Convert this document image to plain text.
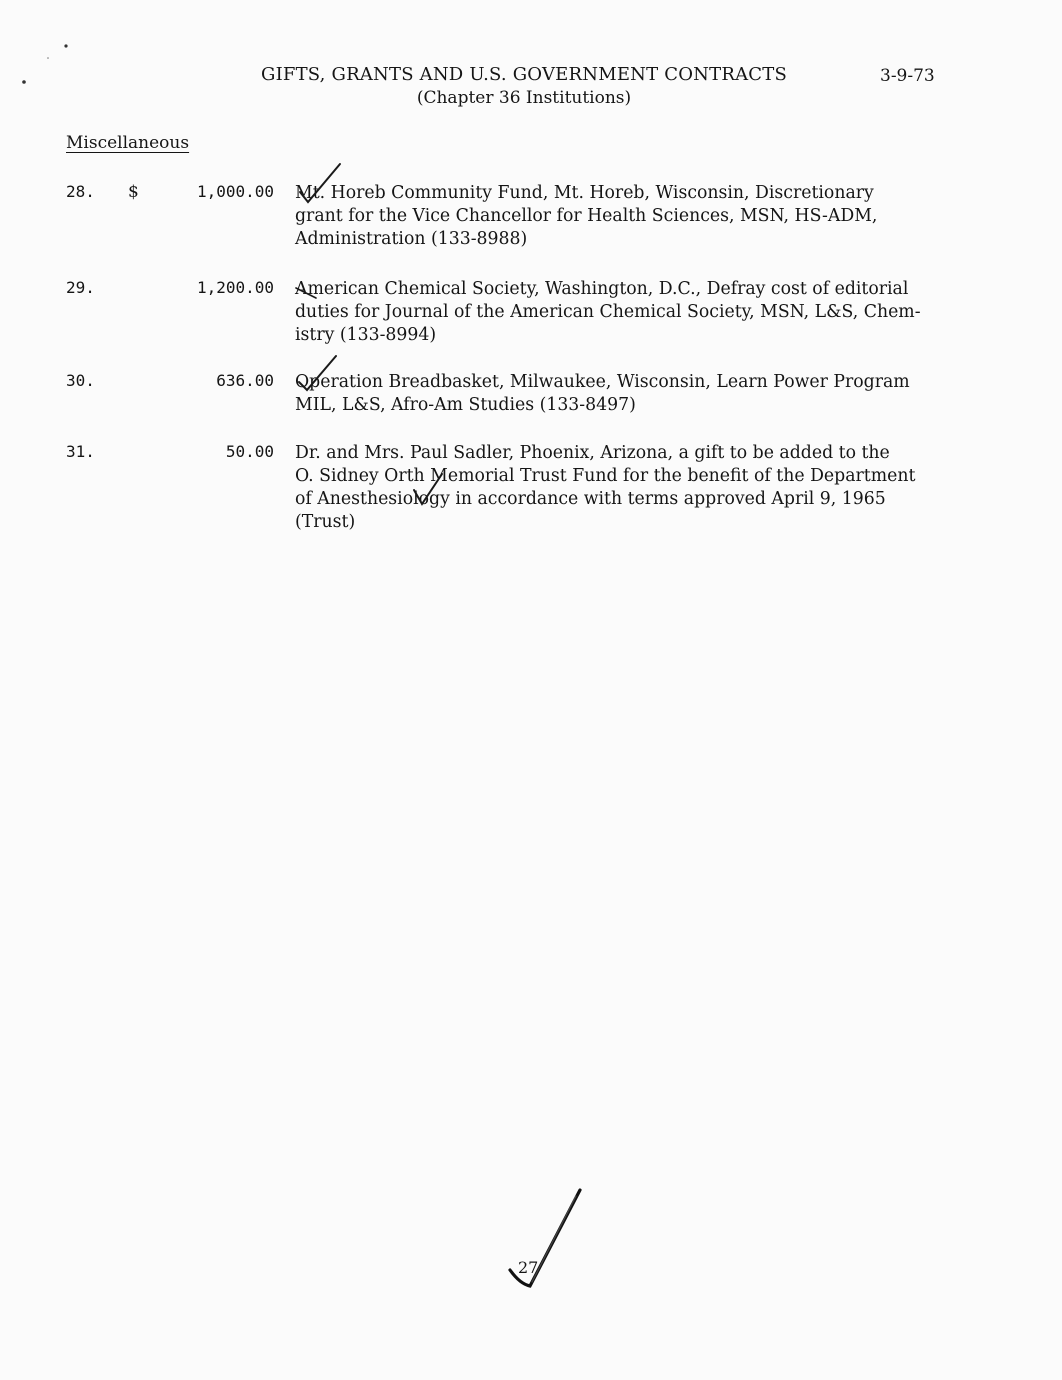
GIFTS, GRANTS AND U.S. GOVERNMENT CONTRACTS
(Chapter 36 Institutions)
3-9-73
Miscellaneous
28. $	1,000.00 Mt. Horeb Community Fund, Mt. Horeb, Wisconsin, Discretionary
grant for the Vice Chancellor for Health Sciences, MSN, HS-ADM,
Administration (133-8988)
29.	1,200.00 American Chemical Society, Washington, D.C., Defray cost of editorial
duties for Journal of the American Chemical Society, MSN, L&S, Chem-
istry (133-8994)
30.	636.00 Operation Breadbasket, Milwaukee, Wisconsin, Learn Power Program
MIL, L&S, Afro-Am Studies (133-8497)
31.	50.00 Dr. and Mrs. Paul Sadler, Phoenix, Arizona, a gift to be added to the
O. Sidney Orth Memorial Trust Fund for the benefit of the Department
of Anesthesiology in accordance with terms approved April 9, 1965
(Trust)
27
